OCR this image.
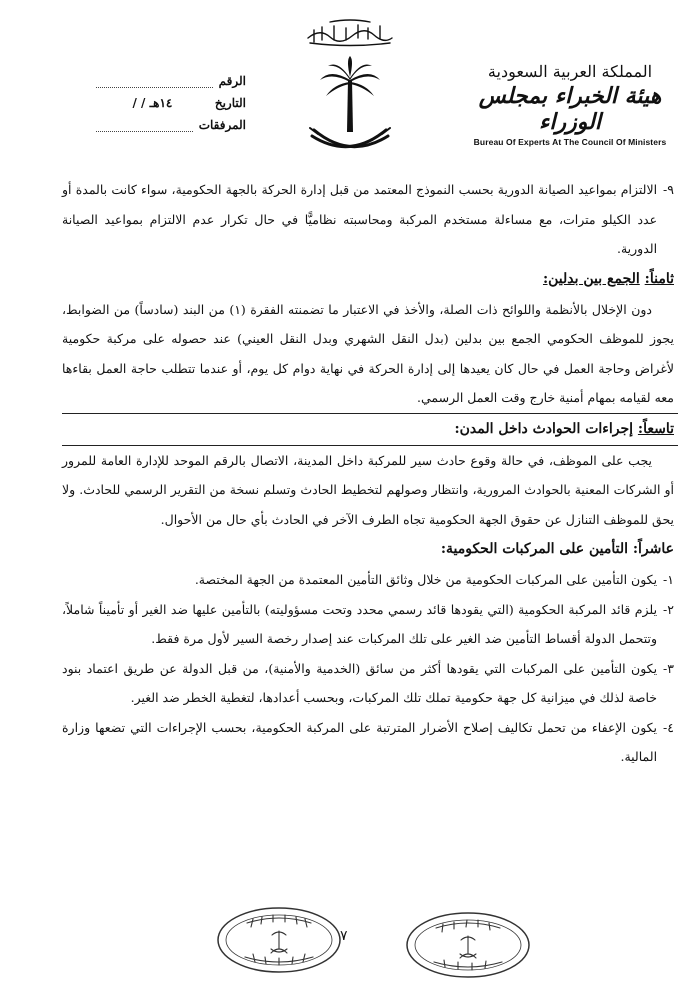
الرقم
التاريخ
/ / ١٤هـ
المرفقات
المملكة العربية السعودية
هيئة الخبراء بمجلس الوزراء
Bureau Of Experts At The Council Of Ministers

٩-
الالتزام بمواعيد الصيانة الدورية بحسب النموذج المعتمد من قبل إدارة الحركة بالجهة الحكومية، سواء كانت بالمدة أو عدد الكيلو مترات، مع مساءلة مستخدم المركبة ومحاسبته نظاميًّا في حال تكرار عدم الالتزام بمواعيد الصيانة الدورية.

ثامناً: الجمع بين بدلين:

دون الإخلال بالأنظمة واللوائح ذات الصلة، والأخذ في الاعتبار ما تضمنته الفقرة (١) من البند (سادساً) من الضوابط، يجوز للموظف الحكومي الجمع بين بدلين (بدل النقل الشهري وبدل النقل العيني) عند حصوله على مركبة حكومية لأغراض وحاجة العمل في حال كان يعيدها إلى إدارة الحركة في نهاية دوام كل يوم، أو عندما تتطلب حاجة العمل بقاءها معه لقيامه بمهام أمنية خارج وقت العمل الرسمي.

تاسعاً: إجراءات الحوادث داخل المدن:

يجب على الموظف، في حالة وقوع حادث سير للمركبة داخل المدينة، الاتصال بالرقم الموحد للإدارة العامة للمرور أو الشركات المعنية بالحوادث المرورية، وانتظار وصولهم لتخطيط الحادث وتسلم نسخة من التقرير الرسمي للحادث. ولا يحق للموظف التنازل عن حقوق الجهة الحكومية تجاه الطرف الآخر في الحادث بأي حال من الأحوال.

عاشراً: التأمين على المركبات الحكومية:

١-
يكون التأمين على المركبات الحكومية من خلال وثائق التأمين المعتمدة من الجهة المختصة.

٢-
يلزم قائد المركبة الحكومية (التي يقودها قائد رسمي محدد وتحت مسؤوليته) بالتأمين عليها ضد الغير أو تأميناً شاملاً، وتتحمل الدولة أقساط التأمين ضد الغير على تلك المركبات عند إصدار رخصة السير لأول مرة فقط.

٣-
يكون التأمين على المركبات التي يقودها أكثر من سائق (الخدمية والأمنية)، من قبل الدولة عن طريق اعتماد بنود خاصة لذلك في ميزانية كل جهة حكومية تملك تلك المركبات، وبحسب أعدادها، لتغطية الخطر ضد الغير.

٤-
يكون الإعفاء من تحمل تكاليف إصلاح الأضرار المترتبة على المركبة الحكومية، بحسب الإجراءات التي تضعها وزارة المالية.

٧
